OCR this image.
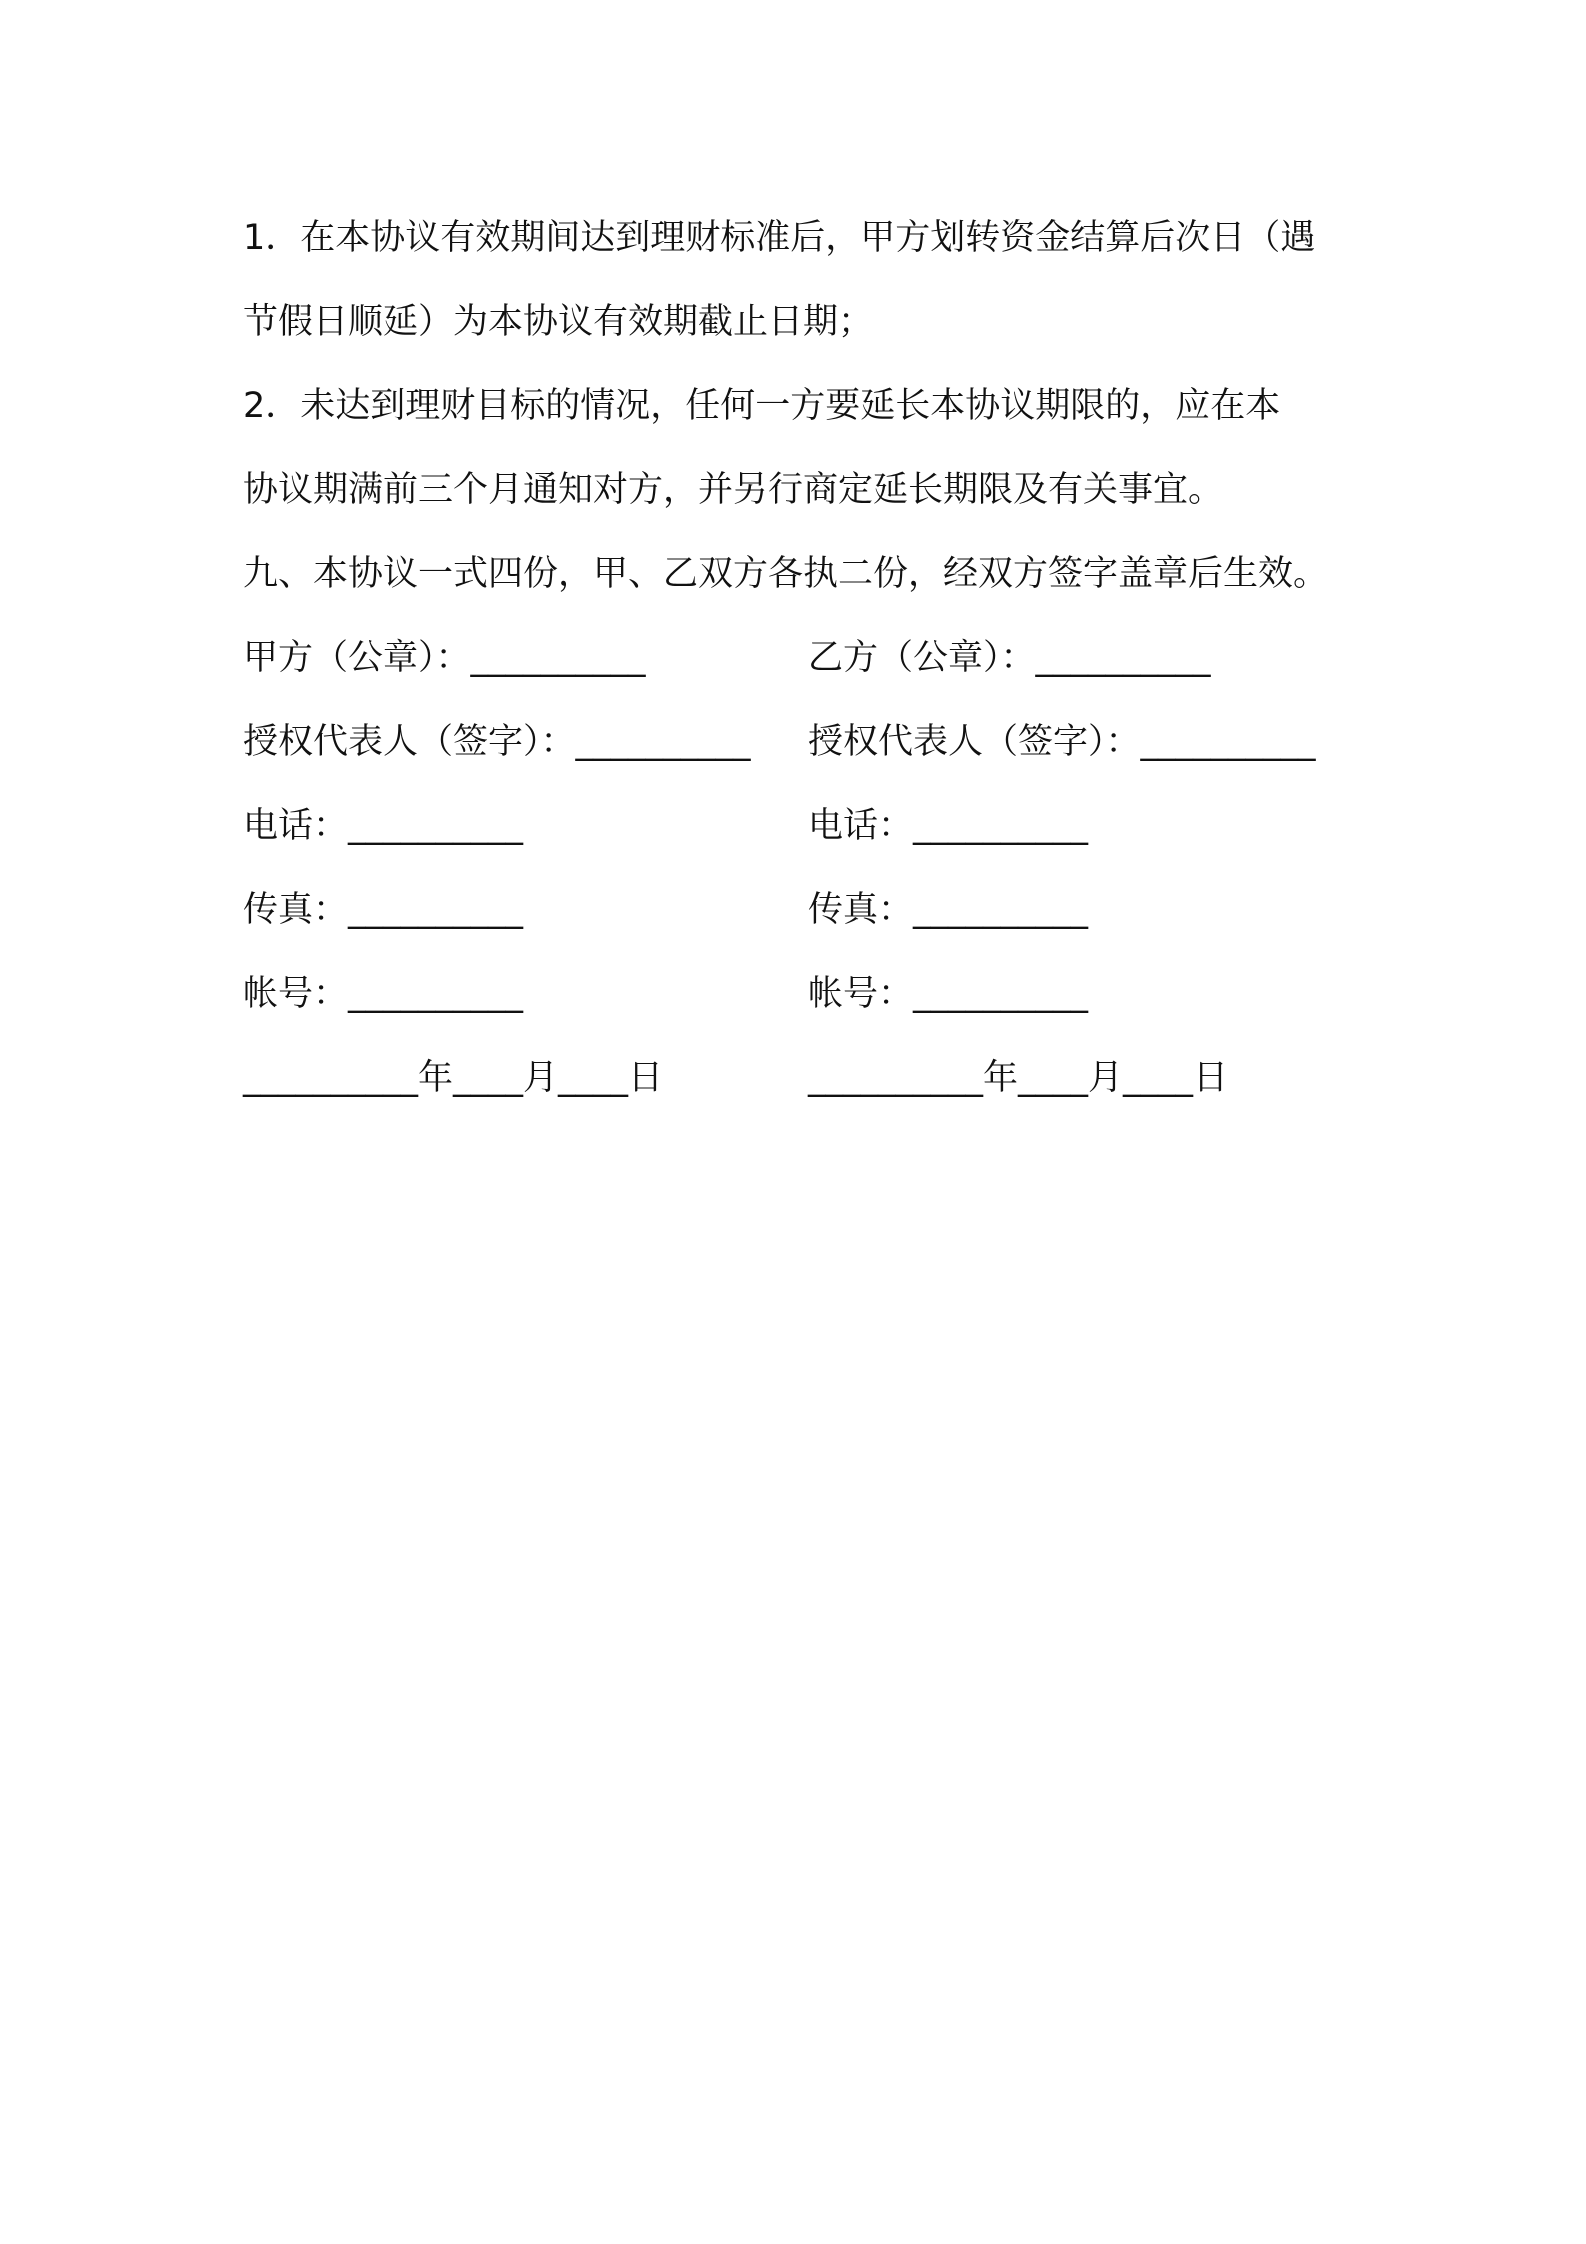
1．在本协议有效期间达到理财标准后，甲方划转资金结算后次日（遇

节假日顺延）为本协议有效期截止日期；

2．未达到理财目标的情况，任何一方要延长本协议期限的，应在本

协议期满前三个月通知对方，并另行商定延长期限及有关事宜。

九、本协议一式四份，甲、乙双方各执二份，经双方签字盖章后生效。

甲方（公章）：__________	乙方（公章）：__________
授权代表人（签字）：__________	授权代表人（签字）：__________
电话：__________	电话：__________
传真：__________	传真：__________
帐号：__________	帐号：__________
__________年____月____日	__________年____月____日
